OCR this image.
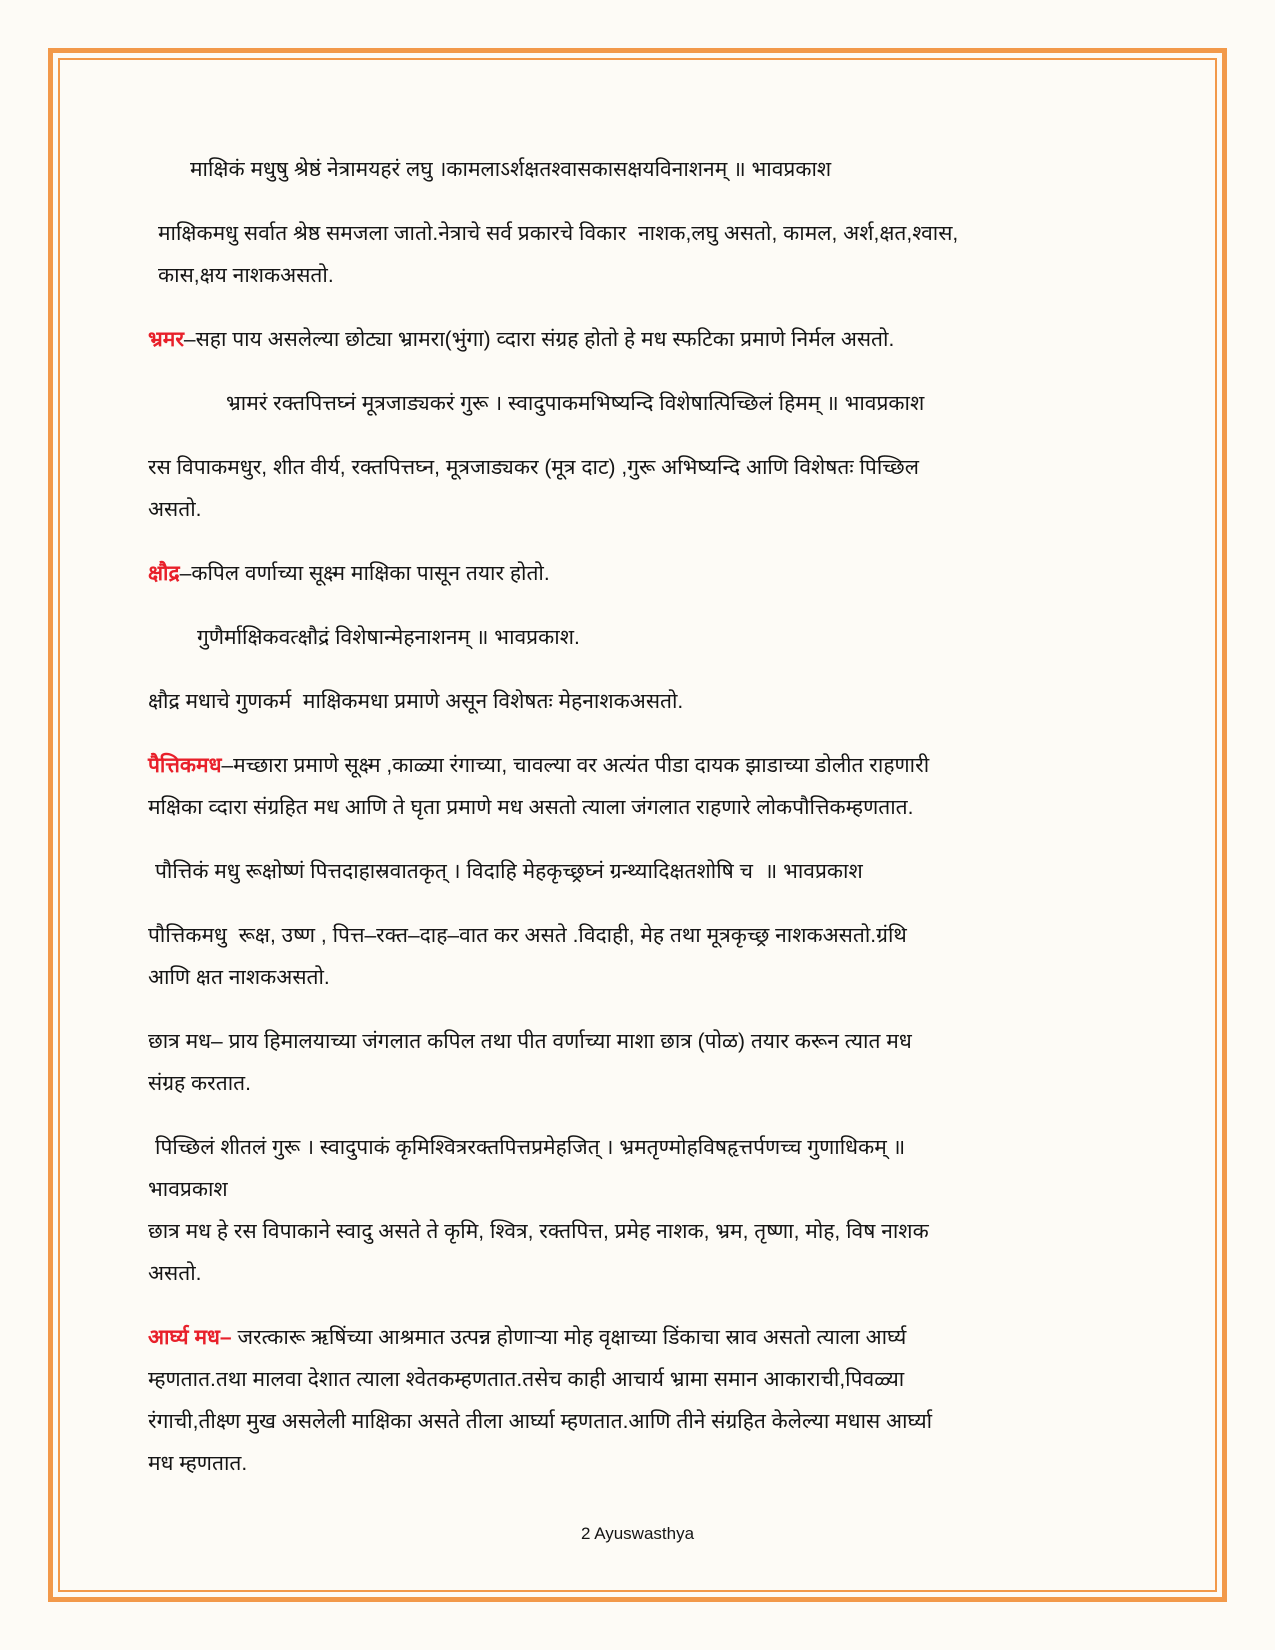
माक्षिकं मधुषु श्रेष्ठं नेत्रामयहरं लघु ।कामलाऽर्शक्षतश्वासकासक्षयविनाशनम् ॥ भावप्रकाश
माक्षिकमधु सर्वात श्रेष्ठ समजला जातो.नेत्राचे सर्व प्रकारचे विकार  नाशक,लघु असतो, कामल, अर्श,क्षत,श्वास,
कास,क्षय नाशकअसतो.
भ्रमर–सहा पाय असलेल्या छोट्या भ्रामरा(भुंगा) व्दारा संग्रह होतो हे मध स्फटिका प्रमाणे निर्मल असतो.
भ्रामरं रक्तपित्तघ्नं मूत्रजाड्यकरं गुरू । स्वादुपाकमभिष्यन्दि विशेषात्पिच्छिलं हिमम् ॥ भावप्रकाश
रस विपाकमधुर, शीत वीर्य, रक्तपित्तघ्न, मूत्रजाड्यकर (मूत्र दाट) ,गुरू अभिष्यन्दि आणि विशेषतः पिच्छिल
असतो.
क्षौद्र–कपिल वर्णाच्या सूक्ष्म माक्षिका पासून तयार होतो.
गुणैर्माक्षिकवत्क्षौद्रं विशेषान्मेहनाशनम् ॥ भावप्रकाश.
क्षौद्र मधाचे गुणकर्म  माक्षिकमधा प्रमाणे असून विशेषतः मेहनाशकअसतो.
पैत्तिकमध–मच्छारा प्रमाणे सूक्ष्म ,काळ्या रंगाच्या, चावल्या वर अत्यंत पीडा दायक झाडाच्या डोलीत राहणारी
मक्षिका व्दारा संग्रहित मध आणि ते घृता प्रमाणे मध असतो त्याला जंगलात राहणारे लोकपौत्तिकम्हणतात.
पौत्तिकं मधु रूक्षोष्णं पित्तदाहास्रवातकृत् । विदाहि मेहकृच्छ्रघ्नं ग्रन्थ्यादिक्षतशोषि च  ॥ भावप्रकाश
पौत्तिकमधु  रूक्ष, उष्ण , पित्त–रक्त–दाह–वात कर असते .विदाही, मेह तथा मूत्रकृच्छ्र नाशकअसतो.ग्रंथि
आणि क्षत नाशकअसतो.
छात्र मध– प्राय हिमालयाच्या जंगलात कपिल तथा पीत वर्णाच्या माशा छात्र (पोळ) तयार करून त्यात मध
संग्रह करतात.
पिच्छिलं शीतलं गुरू । स्वादुपाकं कृमिश्वित्ररक्तपित्तप्रमेहजित् । भ्रमतृण्मोहविषहृत्तर्पणच्च गुणाधिकम् ॥
भावप्रकाश
छात्र मध हे रस विपाकाने स्वादु असते ते कृमि, श्वित्र, रक्तपित्त, प्रमेह नाशक, भ्रम, तृष्णा, मोह, विष नाशक
असतो.
आर्घ्य मध– जरत्कारू ऋषिंच्या आश्रमात उत्पन्न होणाऱ्या मोह वृक्षाच्या डिंकाचा स्राव असतो त्याला आर्घ्य
म्हणतात.तथा मालवा देशात त्याला श्वेतकम्हणतात.तसेच काही आचार्य भ्रामा समान आकाराची,पिवळ्या
रंगाची,तीक्ष्ण मुख असलेली माक्षिका असते तीला आर्घ्या म्हणतात.आणि तीने संग्रहित केलेल्या मधास आर्घ्या
मध म्हणतात.
2 Ayuswasthya
